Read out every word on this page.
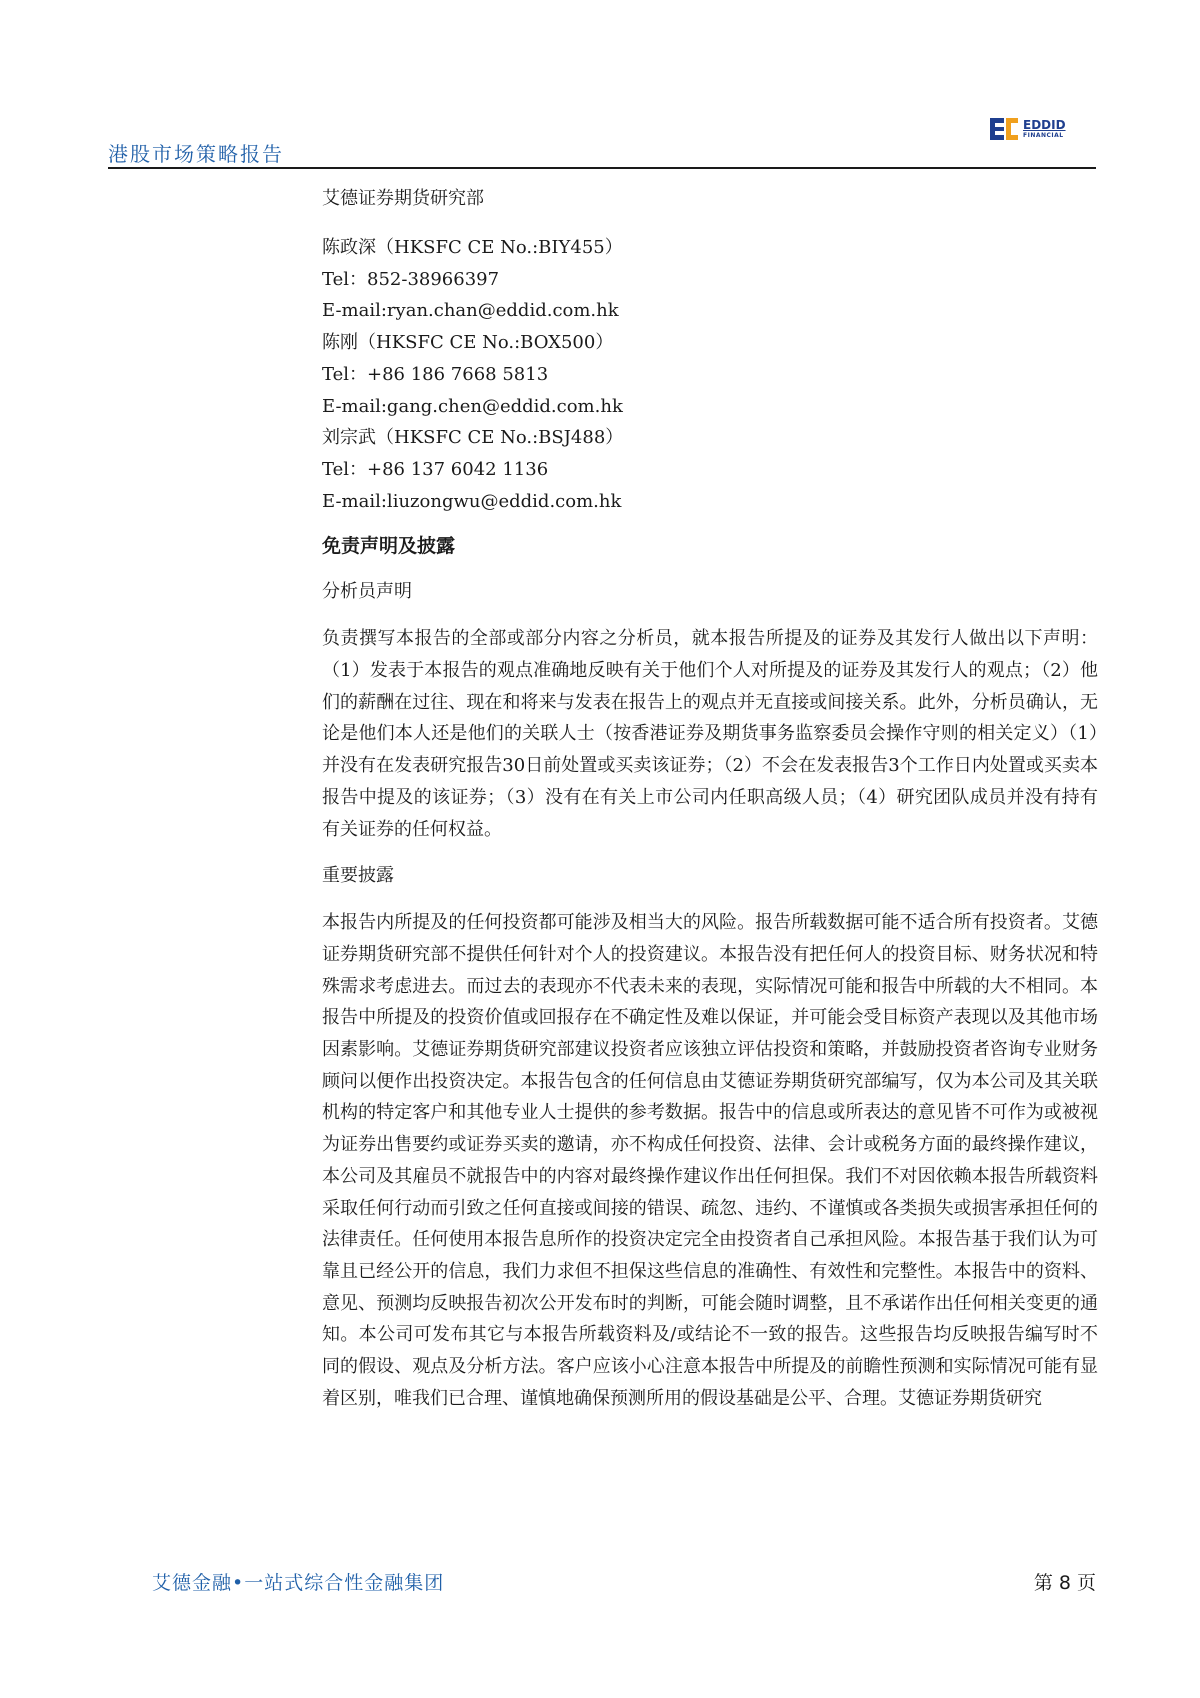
港股市场策略报告
EDDID
FINANCIAL

艾德证券期货研究部

陈政深（HKSFC CE No.:BIY455）

Tel：852-38966397

E-mail:ryan.chan@eddid.com.hk

陈刚（HKSFC CE No.:BOX500）

Tel：+86 186 7668 5813

E-mail:gang.chen@eddid.com.hk

刘宗武（HKSFC CE No.:BSJ488）

Tel：+86 137 6042 1136

E-mail:liuzongwu@eddid.com.hk

免责声明及披露

分析员声明

负责撰写本报告的全部或部分内容之分析员，就本报告所提及的证券及其发行人做出以下声明：（1）发表于本报告的观点准确地反映有关于他们个人对所提及的证券及其发行人的观点；（2）他们的薪酬在过往、现在和将来与发表在报告上的观点并无直接或间接关系。此外，分析员确认，无论是他们本人还是他们的关联人士（按香港证券及期货事务监察委员会操作守则的相关定义）（1）并没有在发表研究报告30日前处置或买卖该证券；（2）不会在发表报告3个工作日内处置或买卖本报告中提及的该证券；（3）没有在有关上市公司内任职高级人员；（4）研究团队成员并没有持有有关证券的任何权益。

重要披露

本报告内所提及的任何投资都可能涉及相当大的风险。报告所载数据可能不适合所有投资者。艾德证券期货研究部不提供任何针对个人的投资建议。本报告没有把任何人的投资目标、财务状况和特殊需求考虑进去。而过去的表现亦不代表未来的表现，实际情况可能和报告中所载的大不相同。本报告中所提及的投资价值或回报存在不确定性及难以保证，并可能会受目标资产表现以及其他市场因素影响。艾德证券期货研究部建议投资者应该独立评估投资和策略，并鼓励投资者咨询专业财务顾问以便作出投资决定。本报告包含的任何信息由艾德证券期货研究部编写，仅为本公司及其关联机构的特定客户和其他专业人士提供的参考数据。报告中的信息或所表达的意见皆不可作为或被视为证券出售要约或证券买卖的邀请，亦不构成任何投资、法律、会计或税务方面的最终操作建议，本公司及其雇员不就报告中的内容对最终操作建议作出任何担保。我们不对因依赖本报告所载资料采取任何行动而引致之任何直接或间接的错误、疏忽、违约、不谨慎或各类损失或损害承担任何的法律责任。任何使用本报告息所作的投资决定完全由投资者自己承担风险。本报告基于我们认为可靠且已经公开的信息，我们力求但不担保这些信息的准确性、有效性和完整性。本报告中的资料、意见、预测均反映报告初次公开发布时的判断，可能会随时调整，且不承诺作出任何相关变更的通知。本公司可发布其它与本报告所载资料及/或结论不一致的报告。这些报告均反映报告编写时不同的假设、观点及分析方法。客户应该小心注意本报告中所提及的前瞻性预测和实际情况可能有显着区别，唯我们已合理、谨慎地确保预测所用的假设基础是公平、合理。艾德证券期货研究

艾德金融•一站式综合性金融集团	第 8 页
